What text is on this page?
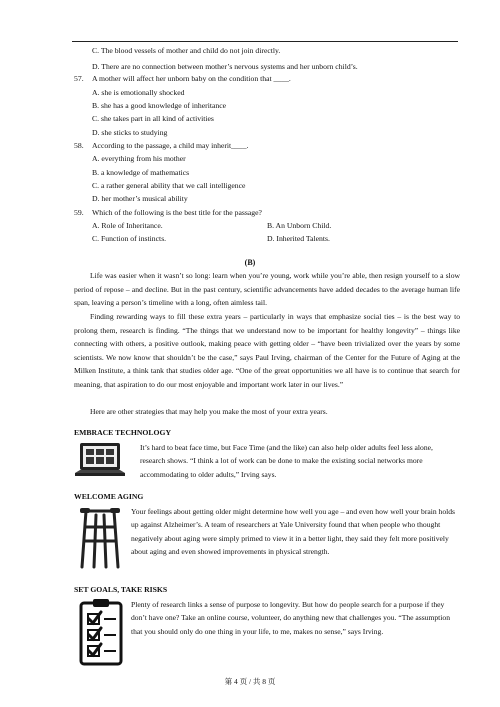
C. The blood vessels of mother and child do not join directly.
D. There are no connection between mother’s nervous systems and her unborn child’s.
57. A mother will affect her unborn baby on the condition that ____.
A. she is emotionally shocked
B. she has a good knowledge of inheritance
C. she takes part in all kind of activities
D. she sticks to studying
58. According to the passage, a child may inherit____.
A. everything from his mother
B. a knowledge of mathematics
C. a rather general ability that we call intelligence
D. her mother’s musical ability
59. Which of the following is the best title for the passage?
A. Role of Inheritance.	B. An Unborn Child.
C. Function of instincts.	D. Inherited Talents.
(B)
Life was easier when it wasn’t so long: learn when you’re young, work while you’re able, then resign yourself to a slow period of repose – and decline. But in the past century, scientific advancements have added decades to the average human life span, leaving a person’s timeline with a long, often aimless tail.
Finding rewarding ways to fill these extra years – particularly in ways that emphasize social ties – is the best way to prolong them, research is finding. “The things that we understand now to be important for healthy longevity” – things like connecting with others, a positive outlook, making peace with getting older – “have been trivialized over the years by some scientists. We now know that shouldn’t be the case,” says Paul Irving, chairman of the Center for the Future of Aging at the Milken Institute, a think tank that studies older age. “One of the great opportunities we all have is to continue that search for meaning, that aspiration to do our most enjoyable and important work later in our lives.”
Here are other strategies that may help you make the most of your extra years.
EMBRACE TECHNOLOGY
It’s hard to beat face time, but Face Time (and the like) can also help older adults feel less alone, research shows. “I think a lot of work can be done to make the existing social networks more accommodating to older adults,” Irving says.
WELCOME AGING
Your feelings about getting older might determine how well you age – and even how well your brain holds up against Alzheimer’s. A team of researchers at Yale University found that when people who thought negatively about aging were simply primed to view it in a better light, they said they felt more positively about aging and even showed improvements in physical strength.
SET GOALS, TAKE RISKS
Plenty of research links a sense of purpose to longevity. But how do people search for a purpose if they don’t have one? Take an online course, volunteer, do anything new that challenges you. “The assumption that you should only do one thing in your life, to me, makes no sense,” says Irving.
第 4 页 / 共 8 页
